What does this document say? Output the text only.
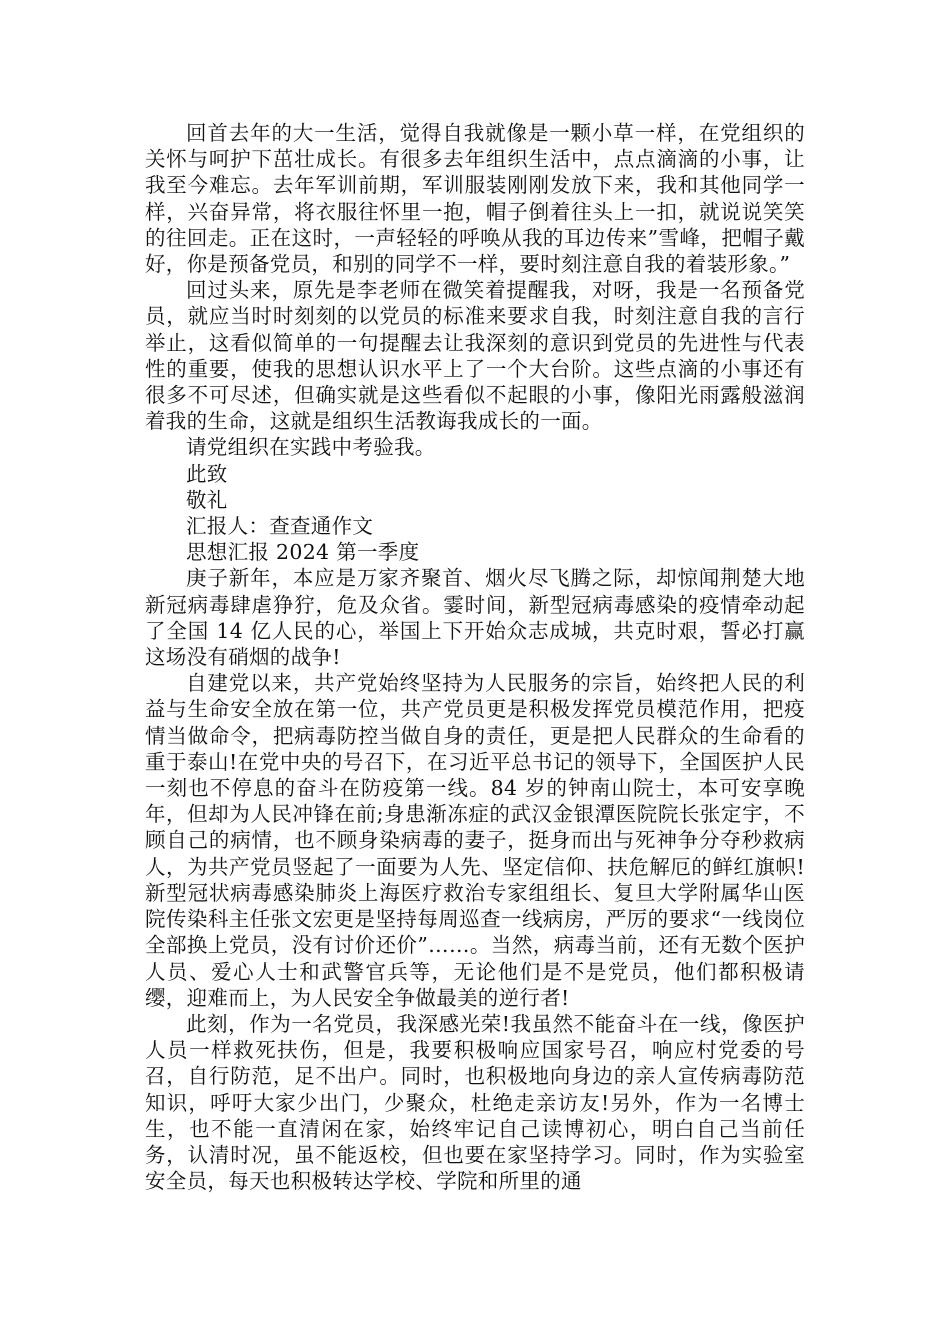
回首去年的大一生活，觉得自我就像是一颗小草一样，在党组织的关怀与呵护下茁壮成长。有很多去年组织生活中，点点滴滴的小事，让我至今难忘。去年军训前期，军训服装刚刚发放下来，我和其他同学一样，兴奋异常，将衣服往怀里一抱，帽子倒着往头上一扣，就说说笑笑的往回走。正在这时，一声轻轻的呼唤从我的耳边传来”雪峰，把帽子戴好，你是预备党员，和别的同学不一样，要时刻注意自我的着装形象。”

回过头来，原先是李老师在微笑着提醒我，对呀，我是一名预备党员，就应当时时刻刻的以党员的标准来要求自我，时刻注意自我的言行举止，这看似简单的一句提醒去让我深刻的意识到党员的先进性与代表性的重要，使我的思想认识水平上了一个大台阶。这些点滴的小事还有很多不可尽述，但确实就是这些看似不起眼的小事，像阳光雨露般滋润着我的生命，这就是组织生活教诲我成长的一面。

请党组织在实践中考验我。

此致

敬礼

汇报人：查查通作文

思想汇报 2024 第一季度

庚子新年，本应是万家齐聚首、烟火尽飞腾之际，却惊闻荆楚大地新冠病毒肆虐狰狞，危及众省。霎时间，新型冠病毒感染的疫情牵动起了全国 14 亿人民的心，举国上下开始众志成城，共克时艰，誓必打赢这场没有硝烟的战争!

自建党以来，共产党始终坚持为人民服务的宗旨，始终把人民的利益与生命安全放在第一位，共产党员更是积极发挥党员模范作用，把疫情当做命令，把病毒防控当做自身的责任，更是把人民群众的生命看的重于泰山!在党中央的号召下，在习近平总书记的领导下，全国医护人民一刻也不停息的奋斗在防疫第一线。84 岁的钟南山院士，本可安享晚年，但却为人民冲锋在前;身患渐冻症的武汉金银潭医院院长张定宇，不顾自己的病情，也不顾身染病毒的妻子，挺身而出与死神争分夺秒救病人，为共产党员竖起了一面要为人先、坚定信仰、扶危解厄的鲜红旗帜!新型冠状病毒感染肺炎上海医疗救治专家组组长、复旦大学附属华山医院传染科主任张文宏更是坚持每周巡查一线病房，严厉的要求“一线岗位全部换上党员，没有讨价还价”……。当然，病毒当前，还有无数个医护人员、爱心人士和武警官兵等，无论他们是不是党员，他们都积极请缨，迎难而上，为人民安全争做最美的逆行者!

此刻，作为一名党员，我深感光荣!我虽然不能奋斗在一线，像医护人员一样救死扶伤，但是，我要积极响应国家号召，响应村党委的号召，自行防范，足不出户。同时，也积极地向身边的亲人宣传病毒防范知识，呼吁大家少出门，少聚众，杜绝走亲访友!另外，作为一名博士生，也不能一直清闲在家，始终牢记自己读博初心，明白自己当前任务，认清时况，虽不能返校，但也要在家坚持学习。同时，作为实验室安全员，每天也积极转达学校、学院和所里的通
